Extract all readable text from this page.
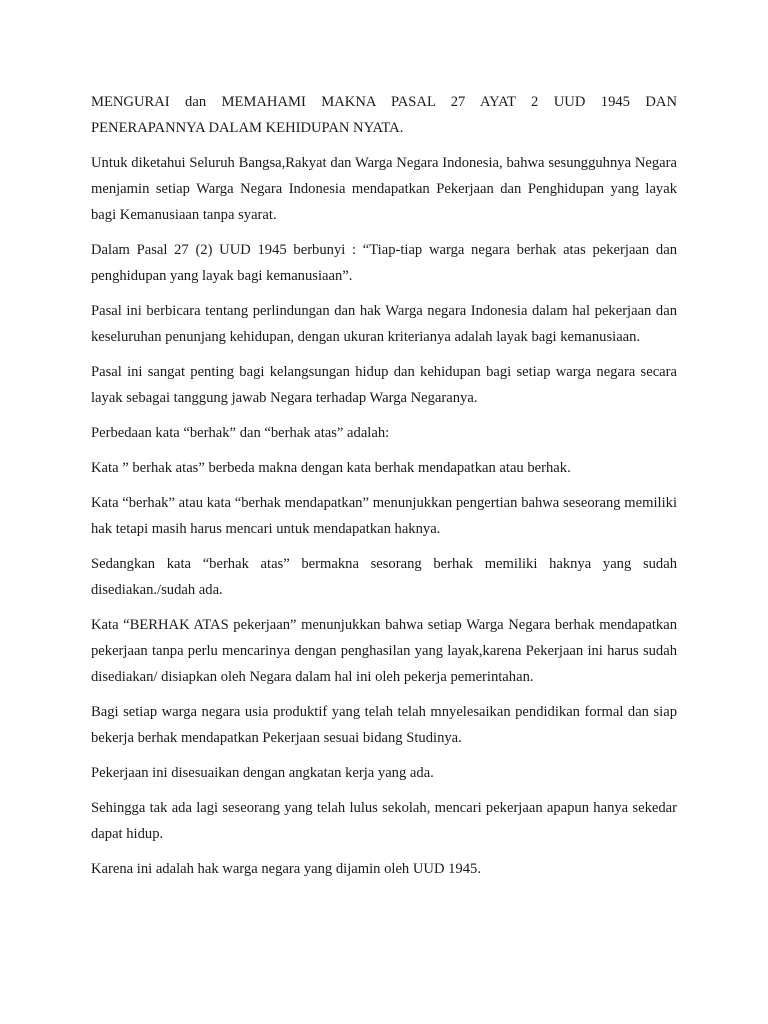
MENGURAI dan MEMAHAMI MAKNA PASAL 27 AYAT 2 UUD 1945 DAN PENERAPANNYA DALAM KEHIDUPAN NYATA.

Untuk diketahui Seluruh Bangsa,Rakyat dan Warga Negara Indonesia, bahwa sesungguhnya Negara menjamin setiap Warga Negara Indonesia mendapatkan Pekerjaan dan Penghidupan yang layak bagi Kemanusiaan tanpa syarat.

Dalam Pasal 27 (2) UUD 1945 berbunyi : “Tiap-tiap warga negara berhak atas pekerjaan dan penghidupan yang layak bagi kemanusiaan”.

Pasal ini berbicara tentang perlindungan dan hak Warga negara Indonesia dalam hal pekerjaan dan keseluruhan penunjang kehidupan, dengan ukuran kriterianya adalah layak bagi kemanusiaan.

Pasal ini sangat penting bagi kelangsungan hidup dan kehidupan bagi setiap warga negara secara layak sebagai tanggung jawab Negara terhadap Warga Negaranya.

Perbedaan kata “berhak” dan “berhak atas” adalah:

Kata ” berhak atas” berbeda makna dengan kata berhak mendapatkan atau berhak.

Kata “berhak” atau kata “berhak mendapatkan” menunjukkan pengertian bahwa seseorang memiliki hak tetapi masih harus mencari untuk mendapatkan haknya.

Sedangkan kata “berhak atas” bermakna sesorang berhak memiliki haknya yang sudah disediakan./sudah ada.

Kata “BERHAK ATAS pekerjaan” menunjukkan bahwa setiap Warga Negara berhak mendapatkan pekerjaan tanpa perlu mencarinya dengan penghasilan yang layak,karena Pekerjaan ini harus sudah disediakan/ disiapkan oleh Negara dalam hal ini oleh pekerja pemerintahan.

Bagi setiap warga negara usia produktif yang telah telah mnyelesaikan pendidikan formal dan siap bekerja berhak mendapatkan Pekerjaan sesuai bidang Studinya.

Pekerjaan ini disesuaikan dengan angkatan kerja yang ada.

Sehingga tak ada lagi seseorang yang telah lulus sekolah, mencari pekerjaan apapun hanya sekedar dapat hidup.

Karena ini adalah hak warga negara yang dijamin oleh UUD 1945.
